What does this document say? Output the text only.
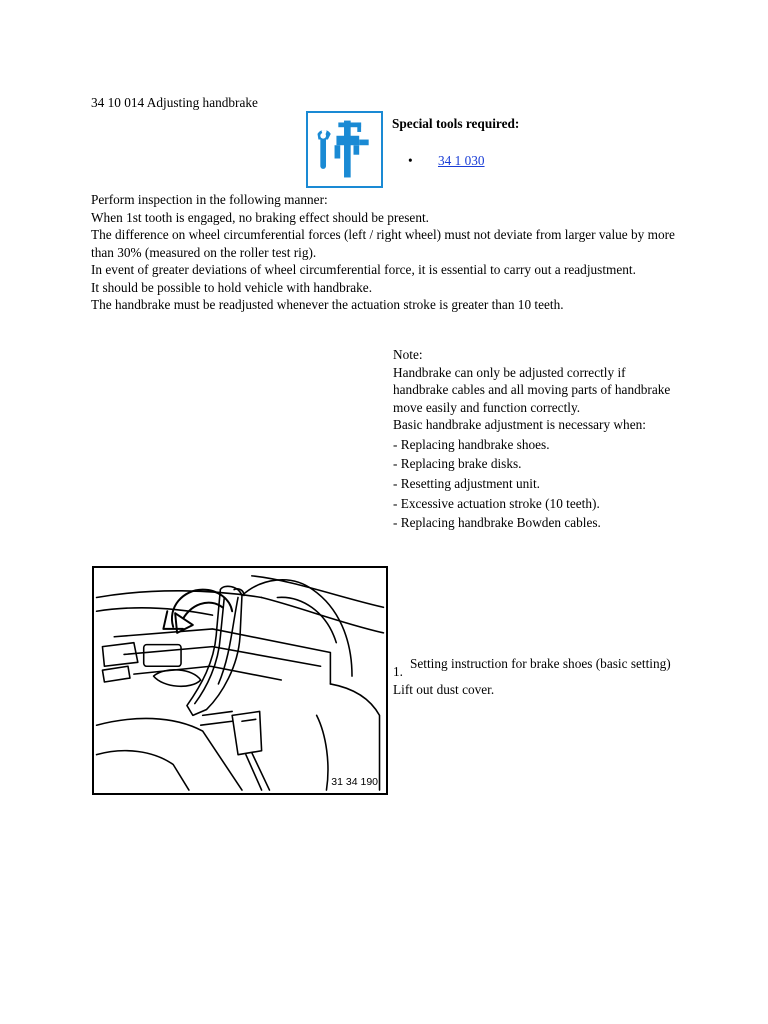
34 10 014 Adjusting handbrake
Special tools required:
• 34 1 030

Perform inspection in the following manner:

When 1st tooth is engaged, no braking effect should be present.

The difference on wheel circumferential forces (left / right wheel) must not deviate from larger value by more than 30% (measured on the roller test rig).

In event of greater deviations of wheel circumferential force, it is essential to carry out a readjustment.

It should be possible to hold vehicle with handbrake.

The handbrake must be readjusted whenever the actuation stroke is greater than 10 teeth.

Note:

Handbrake can only be adjusted correctly if handbrake cables and all moving parts of handbrake move easily and function correctly.

Basic handbrake adjustment is necessary when:

- Replacing handbrake shoes.
- Replacing brake disks.
- Resetting adjustment unit.
- Excessive actuation stroke (10 teeth).
- Replacing handbrake Bowden cables.
31 34 190
1.
Setting instruction for brake shoes (basic setting)
Lift out dust cover.
